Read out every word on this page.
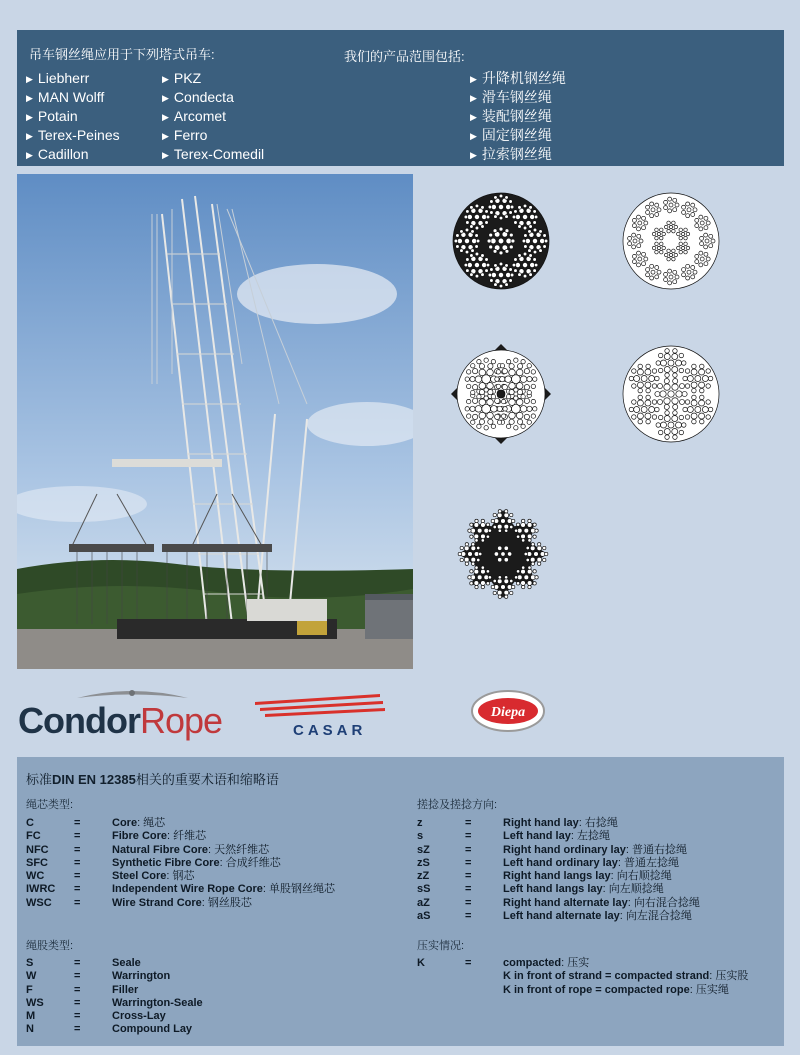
吊车钢丝绳应用于下列塔式吊车:	我们的产品范围包括:
▶ Liebherr
▶ MAN Wolff
▶ Potain
▶ Terex-Peines
▶ Cadillon
▶ PKZ
▶ Condecta
▶ Arcomet
▶ Ferro
▶ Terex-Comedil
▶ 升降机钢丝绳
▶ 滑车钢丝绳
▶ 装配钢丝绳
▶ 固定钢丝绳
▶ 拉索钢丝绳
CondorRope	CASAR
Diepa
标准DIN EN 12385相关的重要术语和缩略语
绳芯类型:
C	=	Core: 绳芯
FC	=	Fibre Core: 纤维芯
NFC	=	Natural Fibre Core: 天然纤维芯
SFC	=	Synthetic Fibre Core: 合成纤维芯
WC	=	Steel Core: 钢芯
IWRC	=	Independent Wire Rope Core: 单股钢丝绳芯
WSC	=	Wire Strand Core: 钢丝股芯
搓捻及搓捻方向:
z	=	Right hand lay: 右捻绳
s	=	Left hand lay: 左捻绳
sZ	=	Right hand ordinary lay: 普通右捻绳
zS	=	Left hand ordinary lay: 普通左捻绳
zZ	=	Right hand langs lay: 向右顺捻绳
sS	=	Left hand langs lay: 向左顺捻绳
aZ	=	Right hand alternate lay: 向右混合捻绳
aS	=	Left hand alternate lay: 向左混合捻绳
绳股类型:
S	=	Seale
W	=	Warrington
F	=	Filler
WS	=	Warrington-Seale
M	=	Cross-Lay
N	=	Compound Lay
压实情况:
K	=	compacted: 压实
		K in front of strand = compacted strand: 压实股
		K in front of rope = compacted rope: 压实绳
